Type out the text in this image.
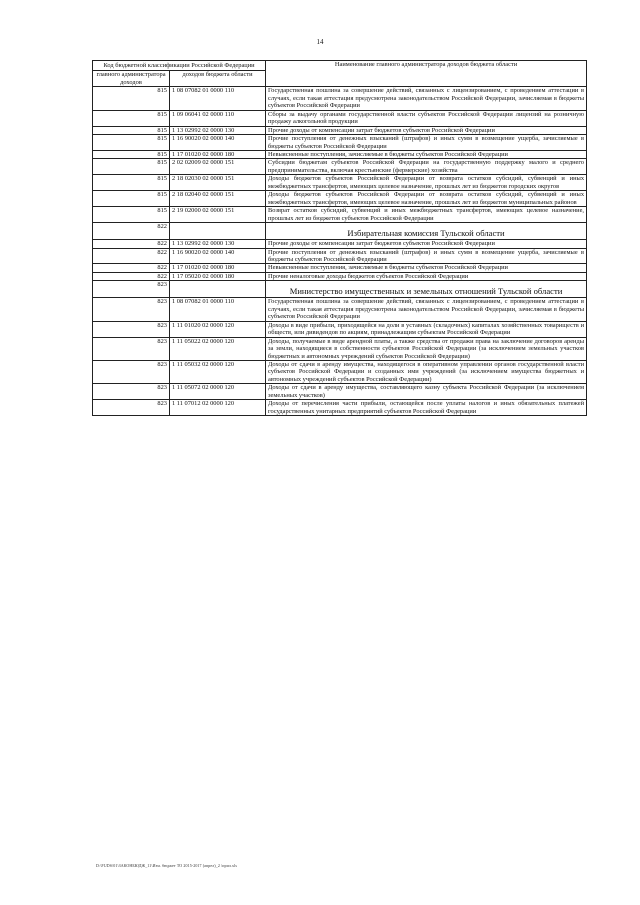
14
Код бюджетной классификации Российской Федерации		Наименование главного администратора доходов бюджета области
главного администратора доходов	доходов бюджета области	
815	1 08 07082 01 0000 110	Государственная пошлина за совершение действий, связанных с лицензированием, с проведением аттестации в случаях, если такая аттестация предусмотрена законодательством Российской Федерации, зачисляемая в бюджеты субъектов Российской Федерации
815	1 09 06041 02 0000 110	Сборы за выдачу органами государственной власти субъектов Российской Федерации лицензий на розничную продажу алкогольной продукции
815	1 13 02992 02 0000 130	Прочие доходы от компенсации затрат бюджетов субъектов Российской Федерации
815	1 16 90020 02 0000 140	Прочие поступления от денежных взысканий (штрафов) и иных сумм в возмещение ущерба, зачисляемые в бюджеты субъектов Российской Федерации
815	1 17 01020 02 0000 180	Невыясненные поступления, зачисляемые в бюджеты субъектов Российской Федерации
815	2 02 02009 02 0000 151	Субсидии бюджетам субъектов Российской Федерации на государственную поддержку малого и среднего предпринимательства, включая крестьянские (фермерские) хозяйства
815	2 18 02030 02 0000 151	Доходы бюджетов субъектов Российской Федерации от возврата остатков субсидий, субвенций и иных межбюджетных трансфертов, имеющих целевое назначение, прошлых лет из бюджетов городских округов
815	2 18 02040 02 0000 151	Доходы бюджетов субъектов Российской Федерации от возврата остатков субсидий, субвенций и иных межбюджетных трансфертов, имеющих целевое назначение, прошлых лет из бюджетов муниципальных районов
815	2 19 02000 02 0000 151	Возврат остатков субсидий, субвенций и иных межбюджетных трансфертов, имеющих целевое назначение, прошлых лет из бюджетов субъектов Российской Федерации
822		Избирательная комиссия Тульской области
822	1 13 02992 02 0000 130	Прочие доходы от компенсации затрат бюджетов субъектов Российской Федерации
822	1 16 90020 02 0000 140	Прочие поступления от денежных взысканий (штрафов) и иных сумм в возмещение ущерба, зачисляемые в бюджеты субъектов Российской Федерации
822	1 17 01020 02 0000 180	Невыясненные поступления, зачисляемые в бюджеты субъектов Российской Федерации
822	1 17 05020 02 0000 180	Прочие неналоговые доходы бюджетов субъектов Российской Федерации
823		Министерство имущественных и земельных отношений Тульской области
823	1 08 07082 01 0000 110	Государственная пошлина за совершение действий, связанных с лицензированием, с проведением аттестации в случаях, если такая аттестация предусмотрена законодательством Российской Федерации, зачисляемая в бюджеты субъектов Российской Федерации
823	1 11 01020 02 0000 120	Доходы в виде прибыли, приходящейся на доли в уставных (складочных) капиталах хозяйственных товариществ и обществ, или дивидендов по акциям, принадлежащим субъектам Российской Федерации
823	1 11 05022 02 0000 120	Доходы, получаемые в виде арендной платы, а также средства от продажи права на заключение договоров аренды за земли, находящиеся в собственности субъектов Российской Федерации (за исключением земельных участков бюджетных и автономных учреждений субъектов Российской Федерации)
823	1 11 05032 02 0000 120	Доходы от сдачи в аренду имущества, находящегося в оперативном управлении органов государственной власти субъектов Российской Федерации и созданных ими учреждений (за исключением имущества бюджетных и автономных учреждений субъектов Российской Федерации)
823	1 11 05072 02 0000 120	Доходы от сдачи в аренду имущества, составляющего казну субъекта Российской Федерации (за исключением земельных участков)
823	1 11 07012 02 0000 120	Доходы от перечисления части прибыли, остающейся после уплаты налогов и иных обязательных платежей государственных унитарных предприятий субъектов Российской Федерации
D:\FUDS\01\ЗАКОНБЮДЖ_11\Изм. бюджет ТО 2015-2017 (апрел)_2 \прил.xls
